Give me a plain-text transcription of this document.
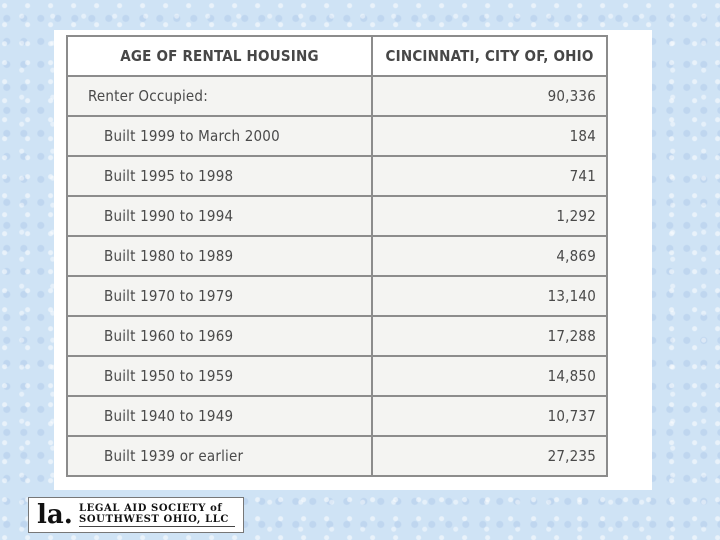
AGE OF RENTAL HOUSING	CINCINNATI, CITY OF, OHIO
Renter Occupied:	90,336
Built 1999 to March 2000	184
Built 1995 to 1998	741
Built 1990 to 1994	1,292
Built 1980 to 1989	4,869
Built 1970 to 1979	13,140
Built 1960 to 1969	17,288
Built 1950 to 1959	14,850
Built 1940 to 1949	10,737
Built 1939 or earlier	27,235
la. LEGAL AID SOCIETY of
SOUTHWEST OHIO, LLC
